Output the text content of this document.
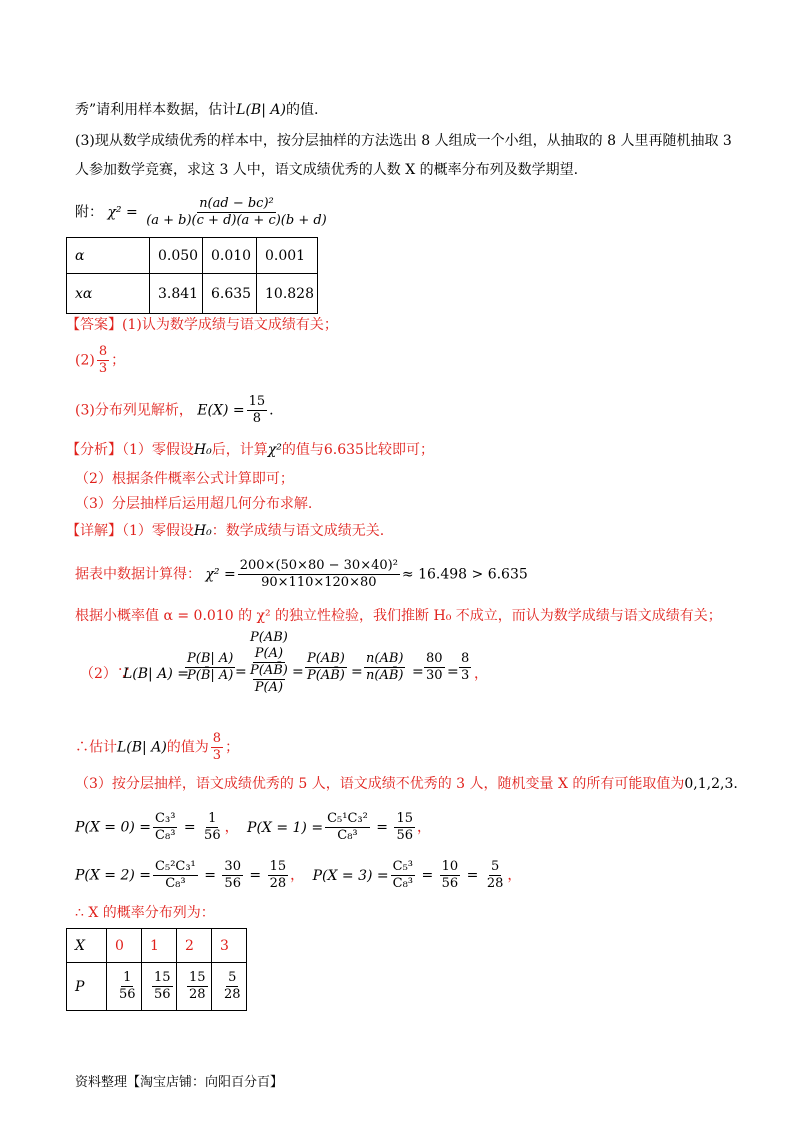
秀”请利用样本数据，估计L(B| A)的值.
(3)现从数学成绩优秀的样本中，按分层抽样的方法选出 8 人组成一个小组，从抽取的 8 人里再随机抽取 3
人参加数学竞赛，求这 3 人中，语文成绩优秀的人数 X 的概率分布列及数学期望.
附： $\chi^2 = \frac{\text{n(ad − bc)²}}{(a + b)(c + d)(a + c)(b + d)}$
α	0.050	0.010	0.001
xα	3.841	6.635	10.828
【答案】(1)认为数学成绩与语文成绩有关；
$(2) \frac{8}{3}$ ；
(3)分布列见解析， $E(X) = \frac{15}{8}$ .
【分析】（1）零假设H₀后，计算χ²的值与6.635比较即可；
（2）根据条件概率公式计算即可；
（3）分层抽样后运用超几何分布求解.
【详解】（1）零假设H₀：数学成绩与语文成绩无关.
据表中数据计算得： $\chi^2 = \frac{\text{200×(50×80 − 30×40)²}}{90\times 110\times 120\times 80} \approx 16.498 > 6.635$
根据小概率值 α = 0.010 的 χ² 的独立性检验，我们推断 H₀ 不成立，而认为数学成绩与语文成绩有关；
（2）∵
L(B| A) =
$\frac{P(B| A)}{P(B̄| A)}$ =
P(AB)
P(A)
P(AB̄)
P(A)
= $\frac{P(AB)}{P(AB̄)} = \frac{n(AB)}{n(AB̄)} = \frac{80}{30} = \frac{8}{3}$ ，
∴估计L(B| A)的值为 $\frac{8}{3}$ ；
（3）按分层抽样，语文成绩优秀的 5 人，语文成绩不优秀的 3 人，随机变量 X 的所有可能取值为0,1,2,3.
$P(X = 0) = \frac{\text{C₃³}}{\text{C₈³}} = \frac{1}{56}$ ， $P(X = 1) = \frac{\text{C₅¹C₃²}}{\text{C₈³}} = \frac{15}{56}$ ，
$P(X = 2) = \frac{\text{C₅²C₃¹}}{\text{C₈³}} = \frac{30}{56} = \frac{15}{28}$ ， $P(X = 3) = \frac{\text{C₅³}}{\text{C₈³}} = \frac{10}{56} = \frac{5}{28}$ ，
∴ X 的概率分布列为：
X	0	1	2	3
P	$\frac{1}{56}$	$\frac{15}{56}$	$\frac{15}{28}$	$\frac{5}{28}$
资料整理【淘宝店铺：向阳百分百】
